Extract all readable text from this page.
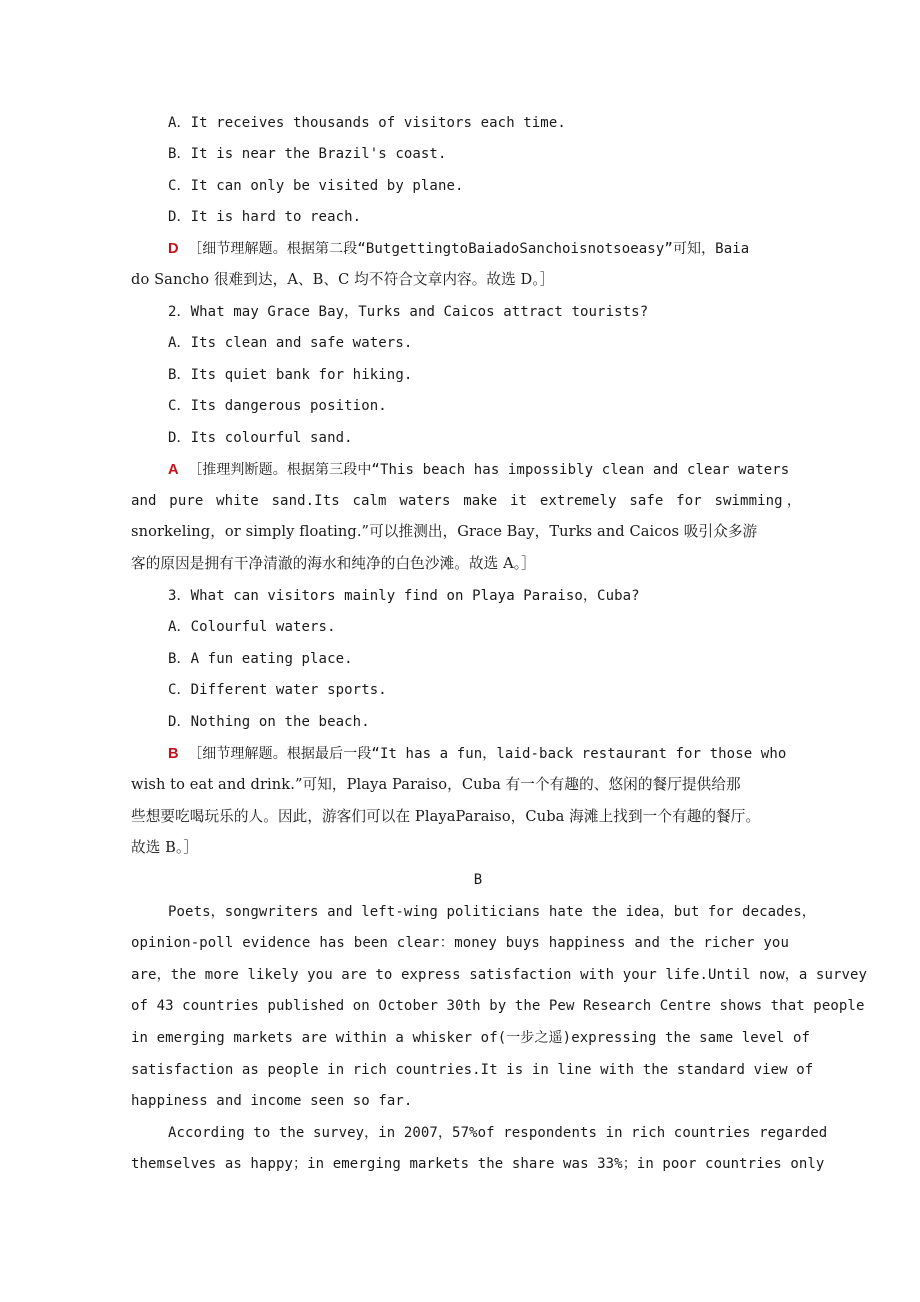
A．It receives thousands of visitors each time.
B．It is near the Brazil's coast.
C．It can only be visited by plane.
D．It is hard to reach.
D ［细节理解题。根据第二段“ButgettingtoBaiadoSanchoisnotsoeasy”可知，Baia
do Sancho 很难到达，A、B、C 均不符合文章内容。故选 D。］
2．What may Grace Bay，Turks and Caicos attract tourists?
A．Its clean and safe waters.
B．Its quiet bank for hiking.
C．Its dangerous position.
D．Its colourful sand.
A ［推理判断题。根据第三段中“This beach has impossibly clean and clear waters
and pure white sand.Its calm waters make it extremely safe for swimming，
snorkeling，or simply floating.”可以推测出，Grace Bay，Turks and Caicos 吸引众多游
客的原因是拥有干净清澈的海水和纯净的白色沙滩。故选 A。］
3．What can visitors mainly find on Playa Paraiso，Cuba?
A．Colourful waters.
B．A fun eating place.
C．Different water sports.
D．Nothing on the beach.
B ［细节理解题。根据最后一段“It has a fun，laid-back restaurant for those who
wish to eat and drink.”可知，Playa Paraiso，Cuba 有一个有趣的、悠闲的餐厅提供给那
些想要吃喝玩乐的人。因此，游客们可以在 PlayaParaiso，Cuba 海滩上找到一个有趣的餐厅。
故选 B。］
B
Poets，songwriters and left-wing politicians hate the idea，but for decades，
opinion-poll evidence has been clear：money buys happiness and the richer you
are，the more likely you are to express satisfaction with your life.Until now，a survey
of 43 countries published on October 30th by the Pew Research Centre shows that people
in emerging markets are within a whisker of(一步之遥)expressing the same level of
satisfaction as people in rich countries.It is in line with the standard view of
happiness and income seen so far.
According to the survey，in 2007，57%of respondents in rich countries regarded
themselves as happy；in emerging markets the share was 33%；in poor countries only
